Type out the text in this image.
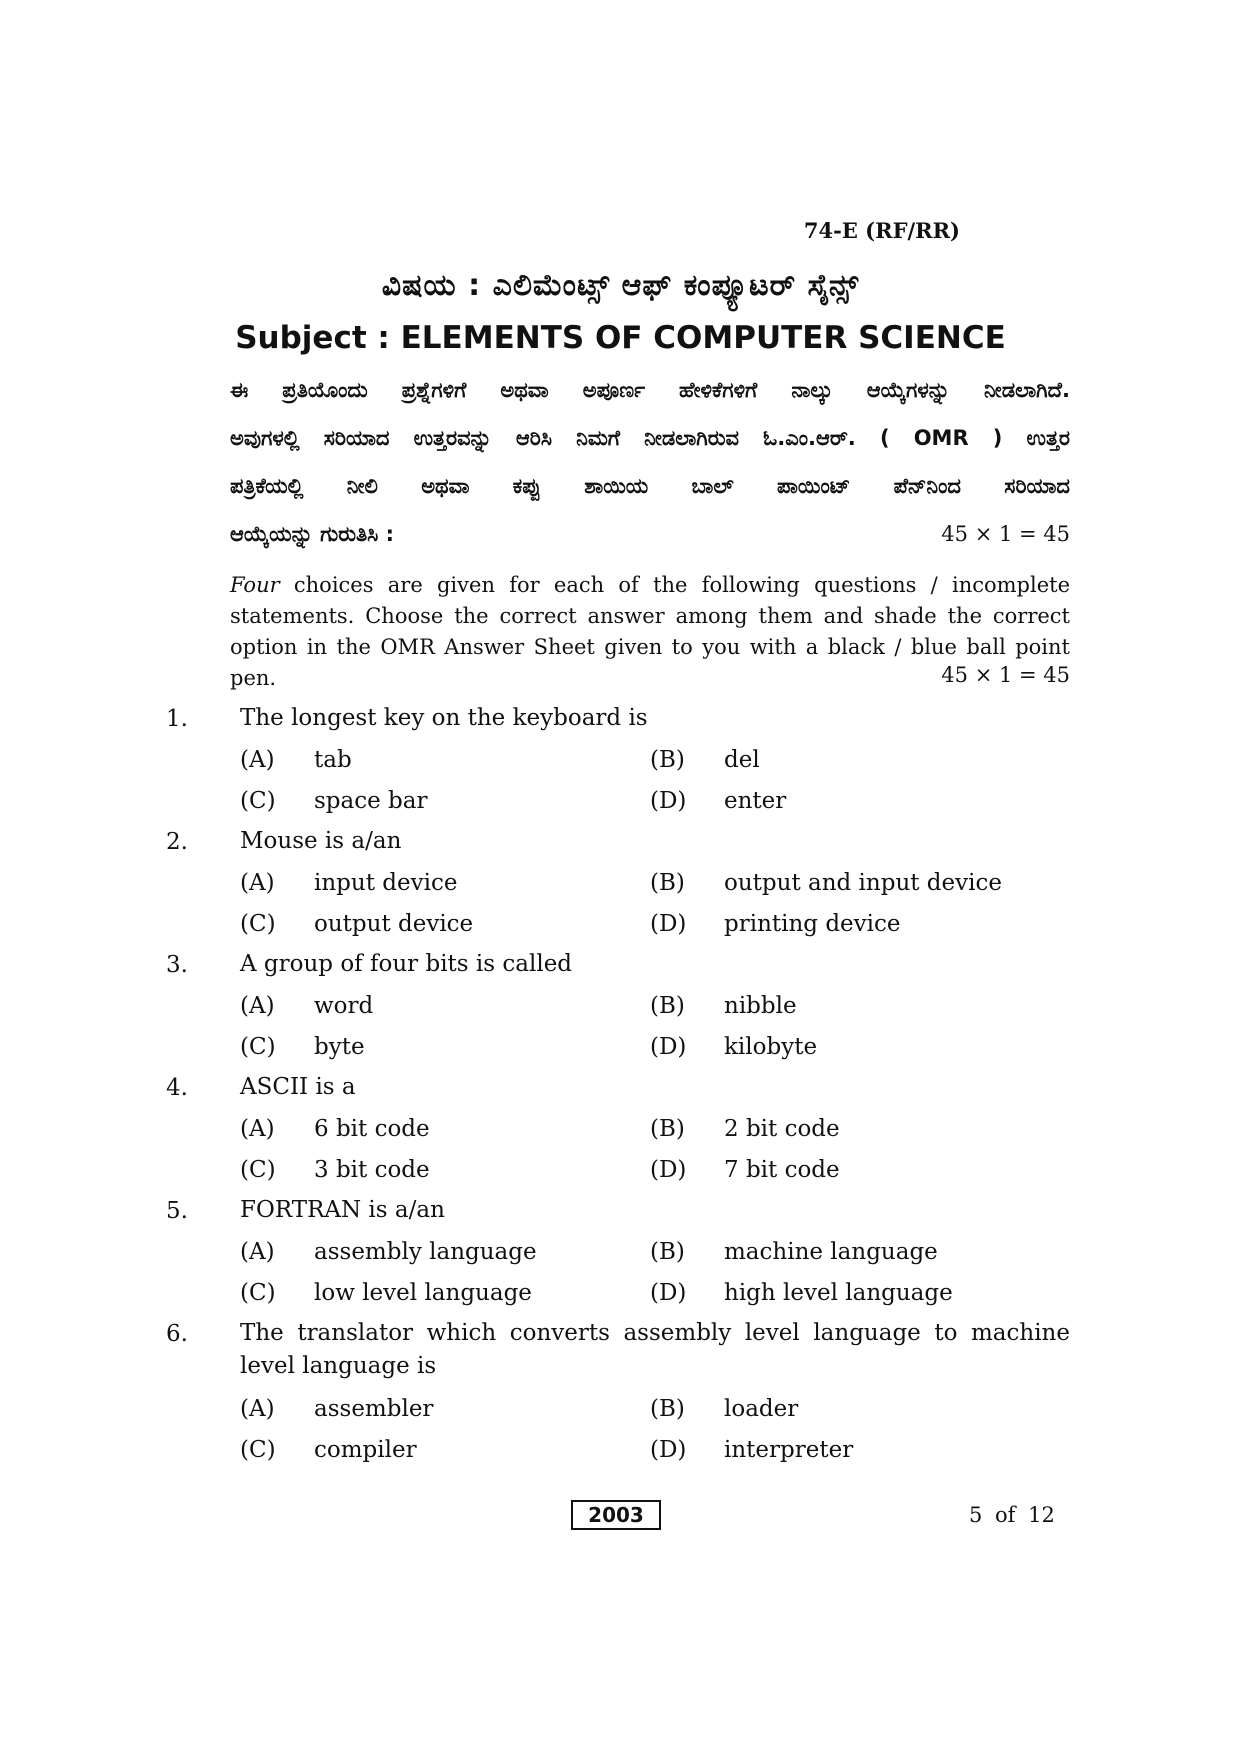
74-E (RF/RR)
ವಿಷಯ : ಎಲಿಮೆಂಟ್ಸ್ ಆಫ್ ಕಂಪ್ಯೂಟರ್ ಸೈನ್ಸ್
Subject : ELEMENTS OF COMPUTER SCIENCE
ಈ ಪ್ರತಿಯೊಂದು ಪ್ರಶ್ನೆಗಳಿಗೆ ಅಥವಾ ಅಪೂರ್ಣ ಹೇಳಿಕೆಗಳಿಗೆ ನಾಲ್ಕು ಆಯ್ಕೆಗಳನ್ನು ನೀಡಲಾಗಿದೆ.
ಅವುಗಳಲ್ಲಿ ಸರಿಯಾದ ಉತ್ತರವನ್ನು ಆರಿಸಿ ನಿಮಗೆ ನೀಡಲಾಗಿರುವ ಓ.ಎಂ.ಆರ್. ( OMR ) ಉತ್ತರ
ಪತ್ರಿಕೆಯಲ್ಲಿ ನೀಲಿ ಅಥವಾ ಕಪ್ಪು ಶಾಯಿಯ ಬಾಲ್ ಪಾಯಿಂಟ್ ಪೆನ್‌ನಿಂದ ಸರಿಯಾದ
ಆಯ್ಕೆಯನ್ನು ಗುರುತಿಸಿ :	45 × 1 = 45
Four choices are given for each of the following questions / incomplete statements. Choose the correct answer among them and shade the correct option in the OMR Answer Sheet given to you with a black / blue ball point pen.	45 × 1 = 45
1. The longest key on the keyboard is
(A) tab	(B) del
(C) space bar	(D) enter
2. Mouse is a/an
(A) input device	(B) output and input device
(C) output device	(D) printing device
3. A group of four bits is called
(A) word	(B) nibble
(C) byte	(D) kilobyte
4. ASCII is a
(A) 6 bit code	(B) 2 bit code
(C) 3 bit code	(D) 7 bit code
5. FORTRAN is a/an
(A) assembly language	(B) machine language
(C) low level language	(D) high level language
6. The translator which converts assembly level language to machine level language is
(A) assembler	(B) loader
(C) compiler	(D) interpreter
2003	5 of 12
